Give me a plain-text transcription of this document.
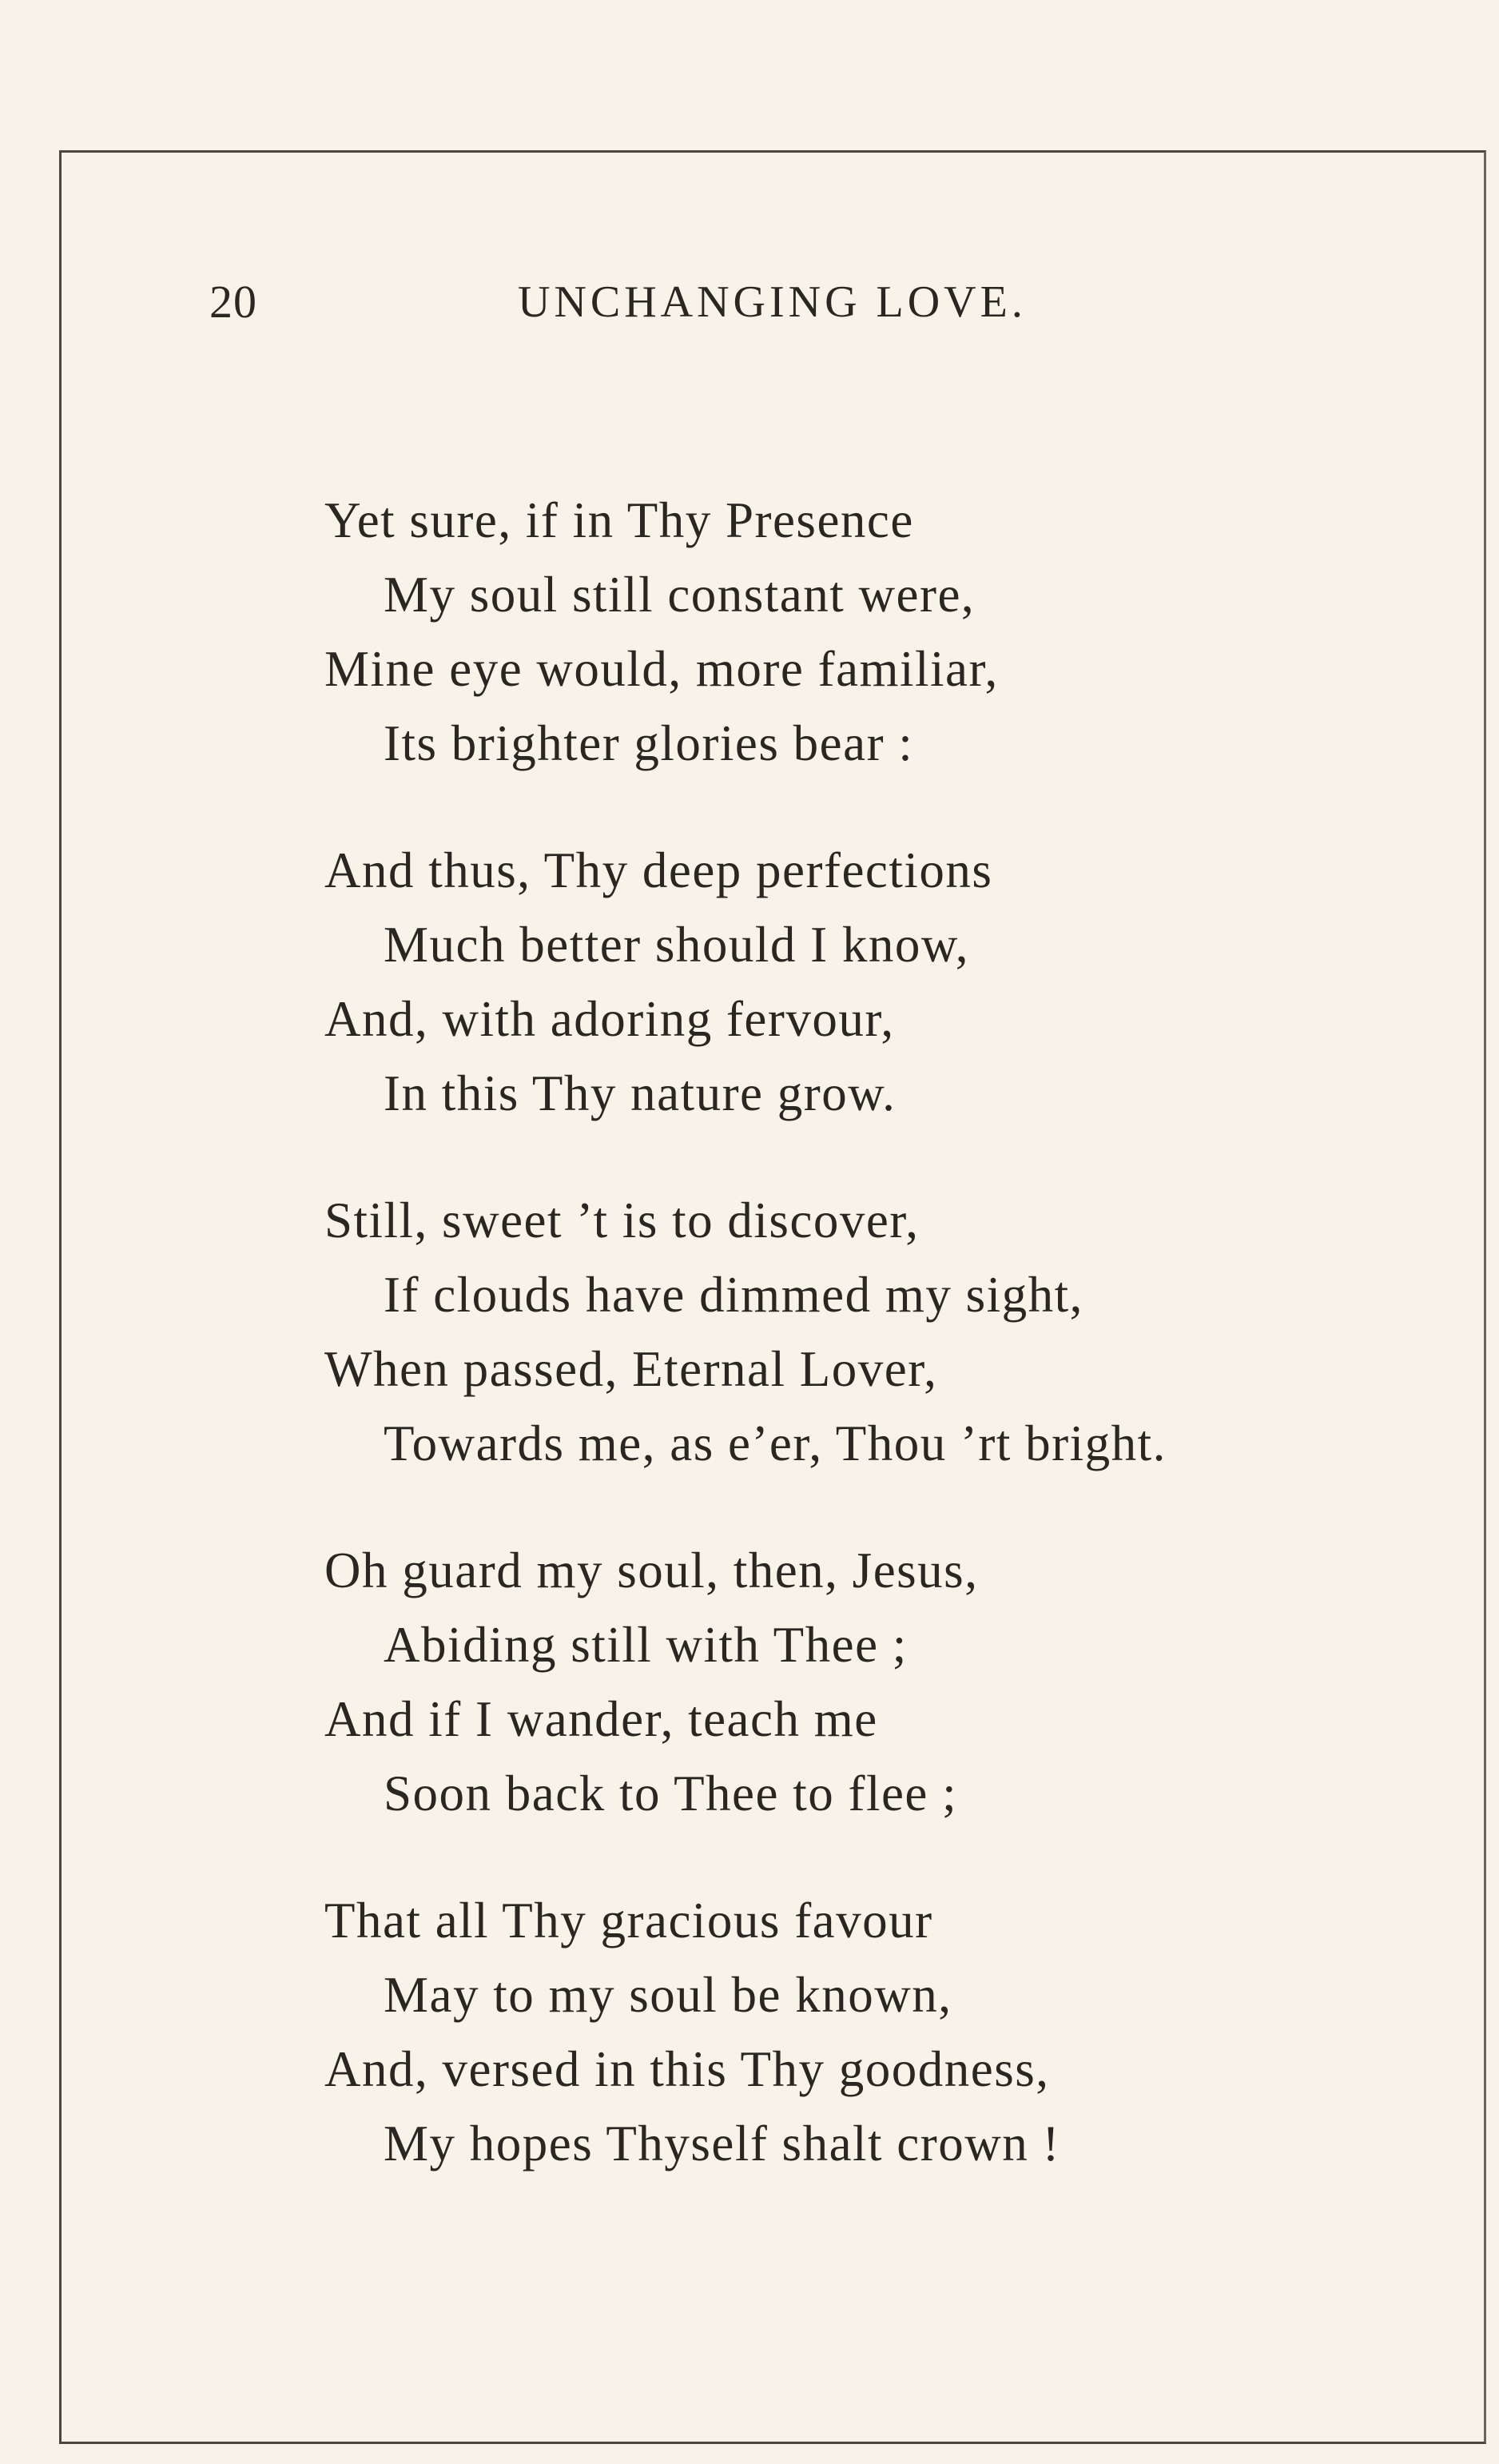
20	UNCHANGING LOVE.
Yet sure, if in Thy Presence
My soul still constant were,
Mine eye would, more familiar,
Its brighter glories bear :
And thus, Thy deep perfections
Much better should I know,
And, with adoring fervour,
In this Thy nature grow.
Still, sweet ’t is to discover,
If clouds have dimmed my sight,
When passed, Eternal Lover,
Towards me, as e’er, Thou ’rt bright.
Oh guard my soul, then, Jesus,
Abiding still with Thee ;
And if I wander, teach me
Soon back to Thee to flee ;
That all Thy gracious favour
May to my soul be known,
And, versed in this Thy goodness,
My hopes Thyself shalt crown !
